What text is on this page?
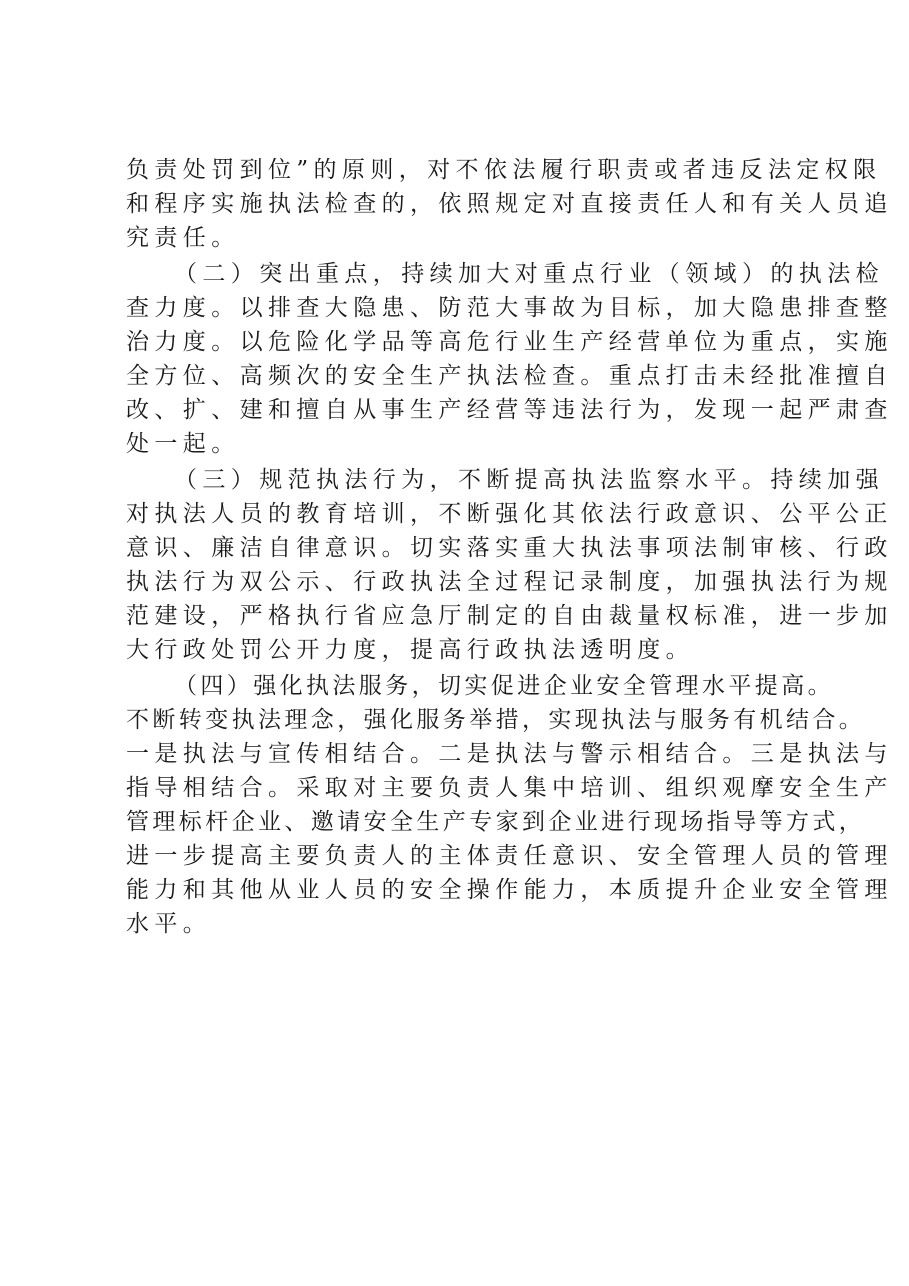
负责处罚到位”的原则，对不依法履行职责或者违反法定权限
和程序实施执法检查的，依照规定对直接责任人和有关人员追
究责任。
（二）突出重点，持续加大对重点行业（领域）的执法检
查力度。以排查大隐患、防范大事故为目标，加大隐患排查整
治力度。以危险化学品等高危行业生产经营单位为重点，实施
全方位、高频次的安全生产执法检查。重点打击未经批准擅自
改、扩、建和擅自从事生产经营等违法行为，发现一起严肃查
处一起。
（三）规范执法行为，不断提高执法监察水平。持续加强
对执法人员的教育培训，不断强化其依法行政意识、公平公正
意识、廉洁自律意识。切实落实重大执法事项法制审核、行政
执法行为双公示、行政执法全过程记录制度，加强执法行为规
范建设，严格执行省应急厅制定的自由裁量权标准，进一步加
大行政处罚公开力度，提高行政执法透明度。
（四）强化执法服务，切实促进企业安全管理水平提高。
不断转变执法理念，强化服务举措，实现执法与服务有机结合。
一是执法与宣传相结合。二是执法与警示相结合。三是执法与
指导相结合。采取对主要负责人集中培训、组织观摩安全生产
管理标杆企业、邀请安全生产专家到企业进行现场指导等方式，
进一步提高主要负责人的主体责任意识、安全管理人员的管理
能力和其他从业人员的安全操作能力，本质提升企业安全管理
水平。
